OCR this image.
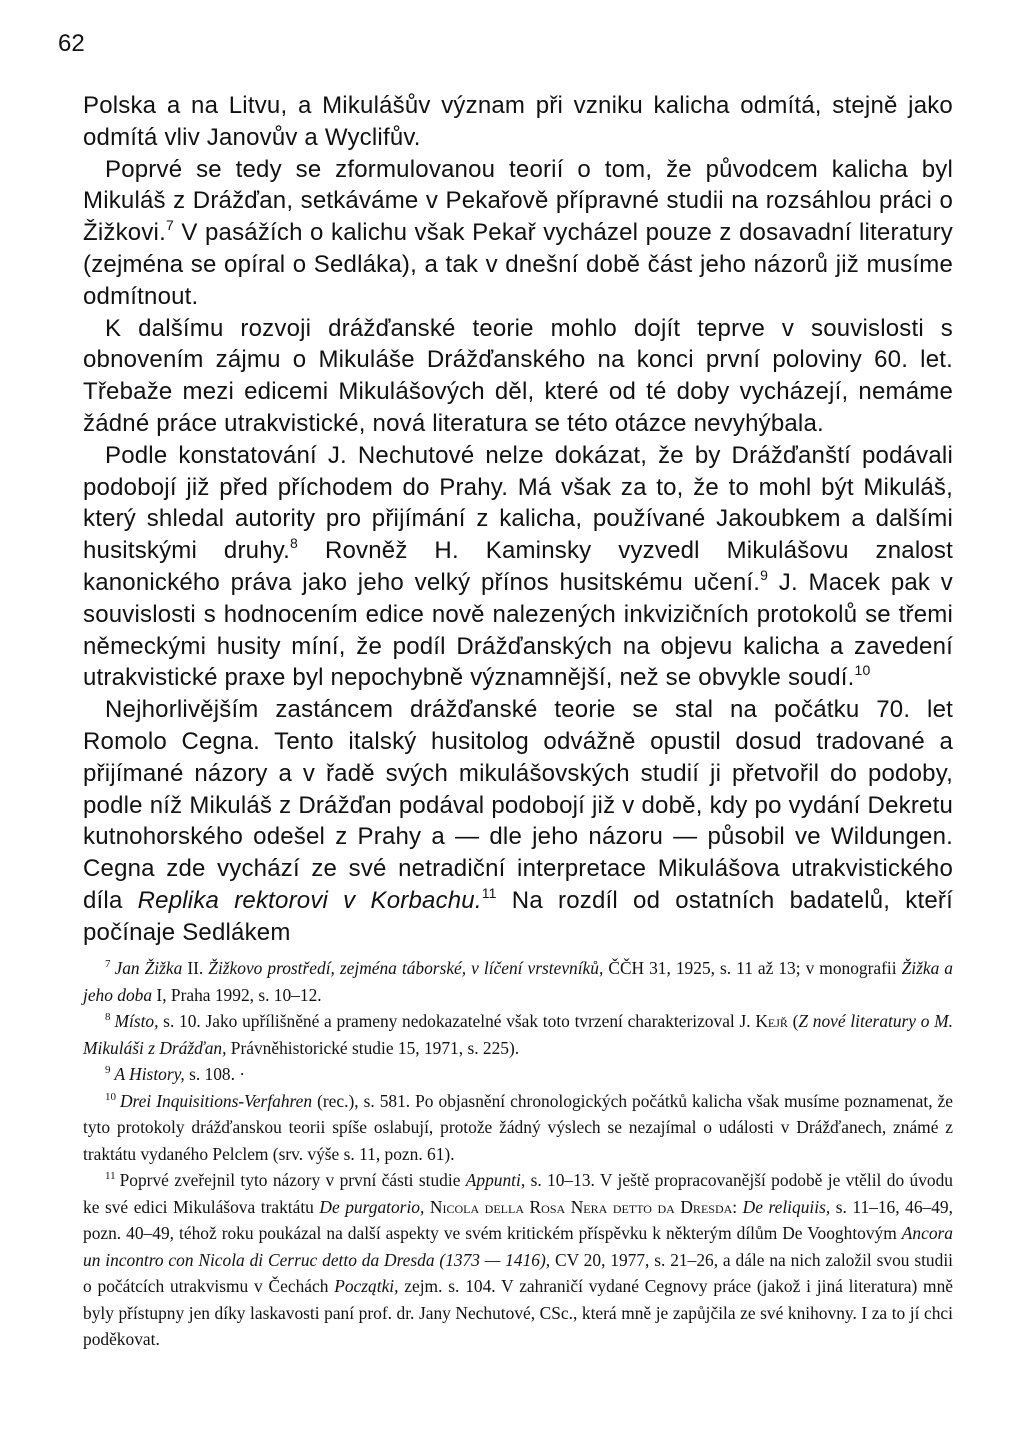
62

Polska a na Litvu, a Mikulášův význam při vzniku kalicha odmítá, stejně jako odmítá vliv Janovův a Wyclifův.

Poprvé se tedy se zformulovanou teorií o tom, že původcem kalicha byl Mikuláš z Drážďan, setkáváme v Pekařově přípravné studii na rozsáhlou práci o Žižkovi.$^7$ V pasážích o kalichu však Pekař vycházel pouze z dosavadní literatury (zejména se opíral o Sedláka), a tak v dnešní době část jeho názorů již musíme odmítnout.

K dalšímu rozvoji drážďanské teorie mohlo dojít teprve v souvislosti s obnovením zájmu o Mikuláše Drážďanského na konci první poloviny 60. let. Třebaže mezi edicemi Mikulášových děl, které od té doby vycházejí, nemáme žádné práce utrakvistické, nová literatura se této otázce nevyhýbala.

Podle konstatování J. Nechutové nelze dokázat, že by Drážďanští podávali podobojí již před příchodem do Prahy. Má však za to, že to mohl být Mikuláš, který shledal autority pro přijímání z kalicha, používané Jakoubkem a dalšími husitskými druhy.$^8$ Rovněž H. Kaminsky vyzvedl Mikulášovu znalost kanonického práva jako jeho velký přínos husitskému učení.$^9$ J. Macek pak v souvislosti s hodnocením edice nově nalezených inkvizičních protokolů se třemi německými husity míní, že podíl Drážďanských na objevu kalicha a zavedení utrakvistické praxe byl nepochybně významnější, než se obvykle soudí.$^{10}$

Nejhorlivějším zastáncem drážďanské teorie se stal na počátku 70. let Romolo Cegna. Tento italský husitolog odvážně opustil dosud tradované a přijímané názory a v řadě svých mikulášovských studií ji přetvořil do podoby, podle níž Mikuláš z Drážďan podával podobojí již v době, kdy po vydání Dekretu kutnohorského odešel z Prahy a — dle jeho názoru — působil ve Wildungen. Cegna zde vychází ze své netradiční interpretace Mikulášova utrakvistického díla Replika rektorovi v Korbachu.$^{11}$ Na rozdíl od ostatních badatelů, kteří počínaje Sedlákem

$^7$ Jan Žižka II. Žižkovo prostředí, zejména táborské, v líčení vrstevníků, ČČH 31, 1925, s. 11 až 13; v monografii Žižka a jeho doba I, Praha 1992, s. 10–12.

$^8$ Místo, s. 10. Jako upřílišněné a prameny nedokazatelné však toto tvrzení charakterizoval J. Kejř (Z nové literatury o M. Mikuláši z Drážďan, Právněhistorické studie 15, 1971, s. 225).

$^9$ A History, s. 108. ·

$^{10}$ Drei Inquisitions-Verfahren (rec.), s. 581. Po objasnění chronologických počátků kalicha však musíme poznamenat, že tyto protokoly drážďanskou teorii spíše oslabují, protože žádný výslech se nezajímal o události v Drážďanech, známé z traktátu vydaného Pelclem (srv. výše s. 11, pozn. 61).

$^{11}$ Poprvé zveřejnil tyto názory v první části studie Appunti, s. 10–13. V ještě propracovanější podobě je vtělil do úvodu ke své edici Mikulášova traktátu De purgatorio, Nicola della Rosa Nera detto da Dresda: De reliquiis, s. 11–16, 46–49, pozn. 40–49, téhož roku poukázal na další aspekty ve svém kritickém příspěvku k některým dílům De Vooghtovým Ancora un incontro con Nicola di Cerruc detto da Dresda (1373 — 1416), CV 20, 1977, s. 21–26, a dále na nich založil svou studii o počátcích utrakvismu v Čechách Początki, zejm. s. 104. V zahraničí vydané Cegnovy práce (jakož i jiná literatura) mně byly přístupny jen díky laskavosti paní prof. dr. Jany Nechutové, CSc., která mně je zapůjčila ze své knihovny. I za to jí chci poděkovat.
